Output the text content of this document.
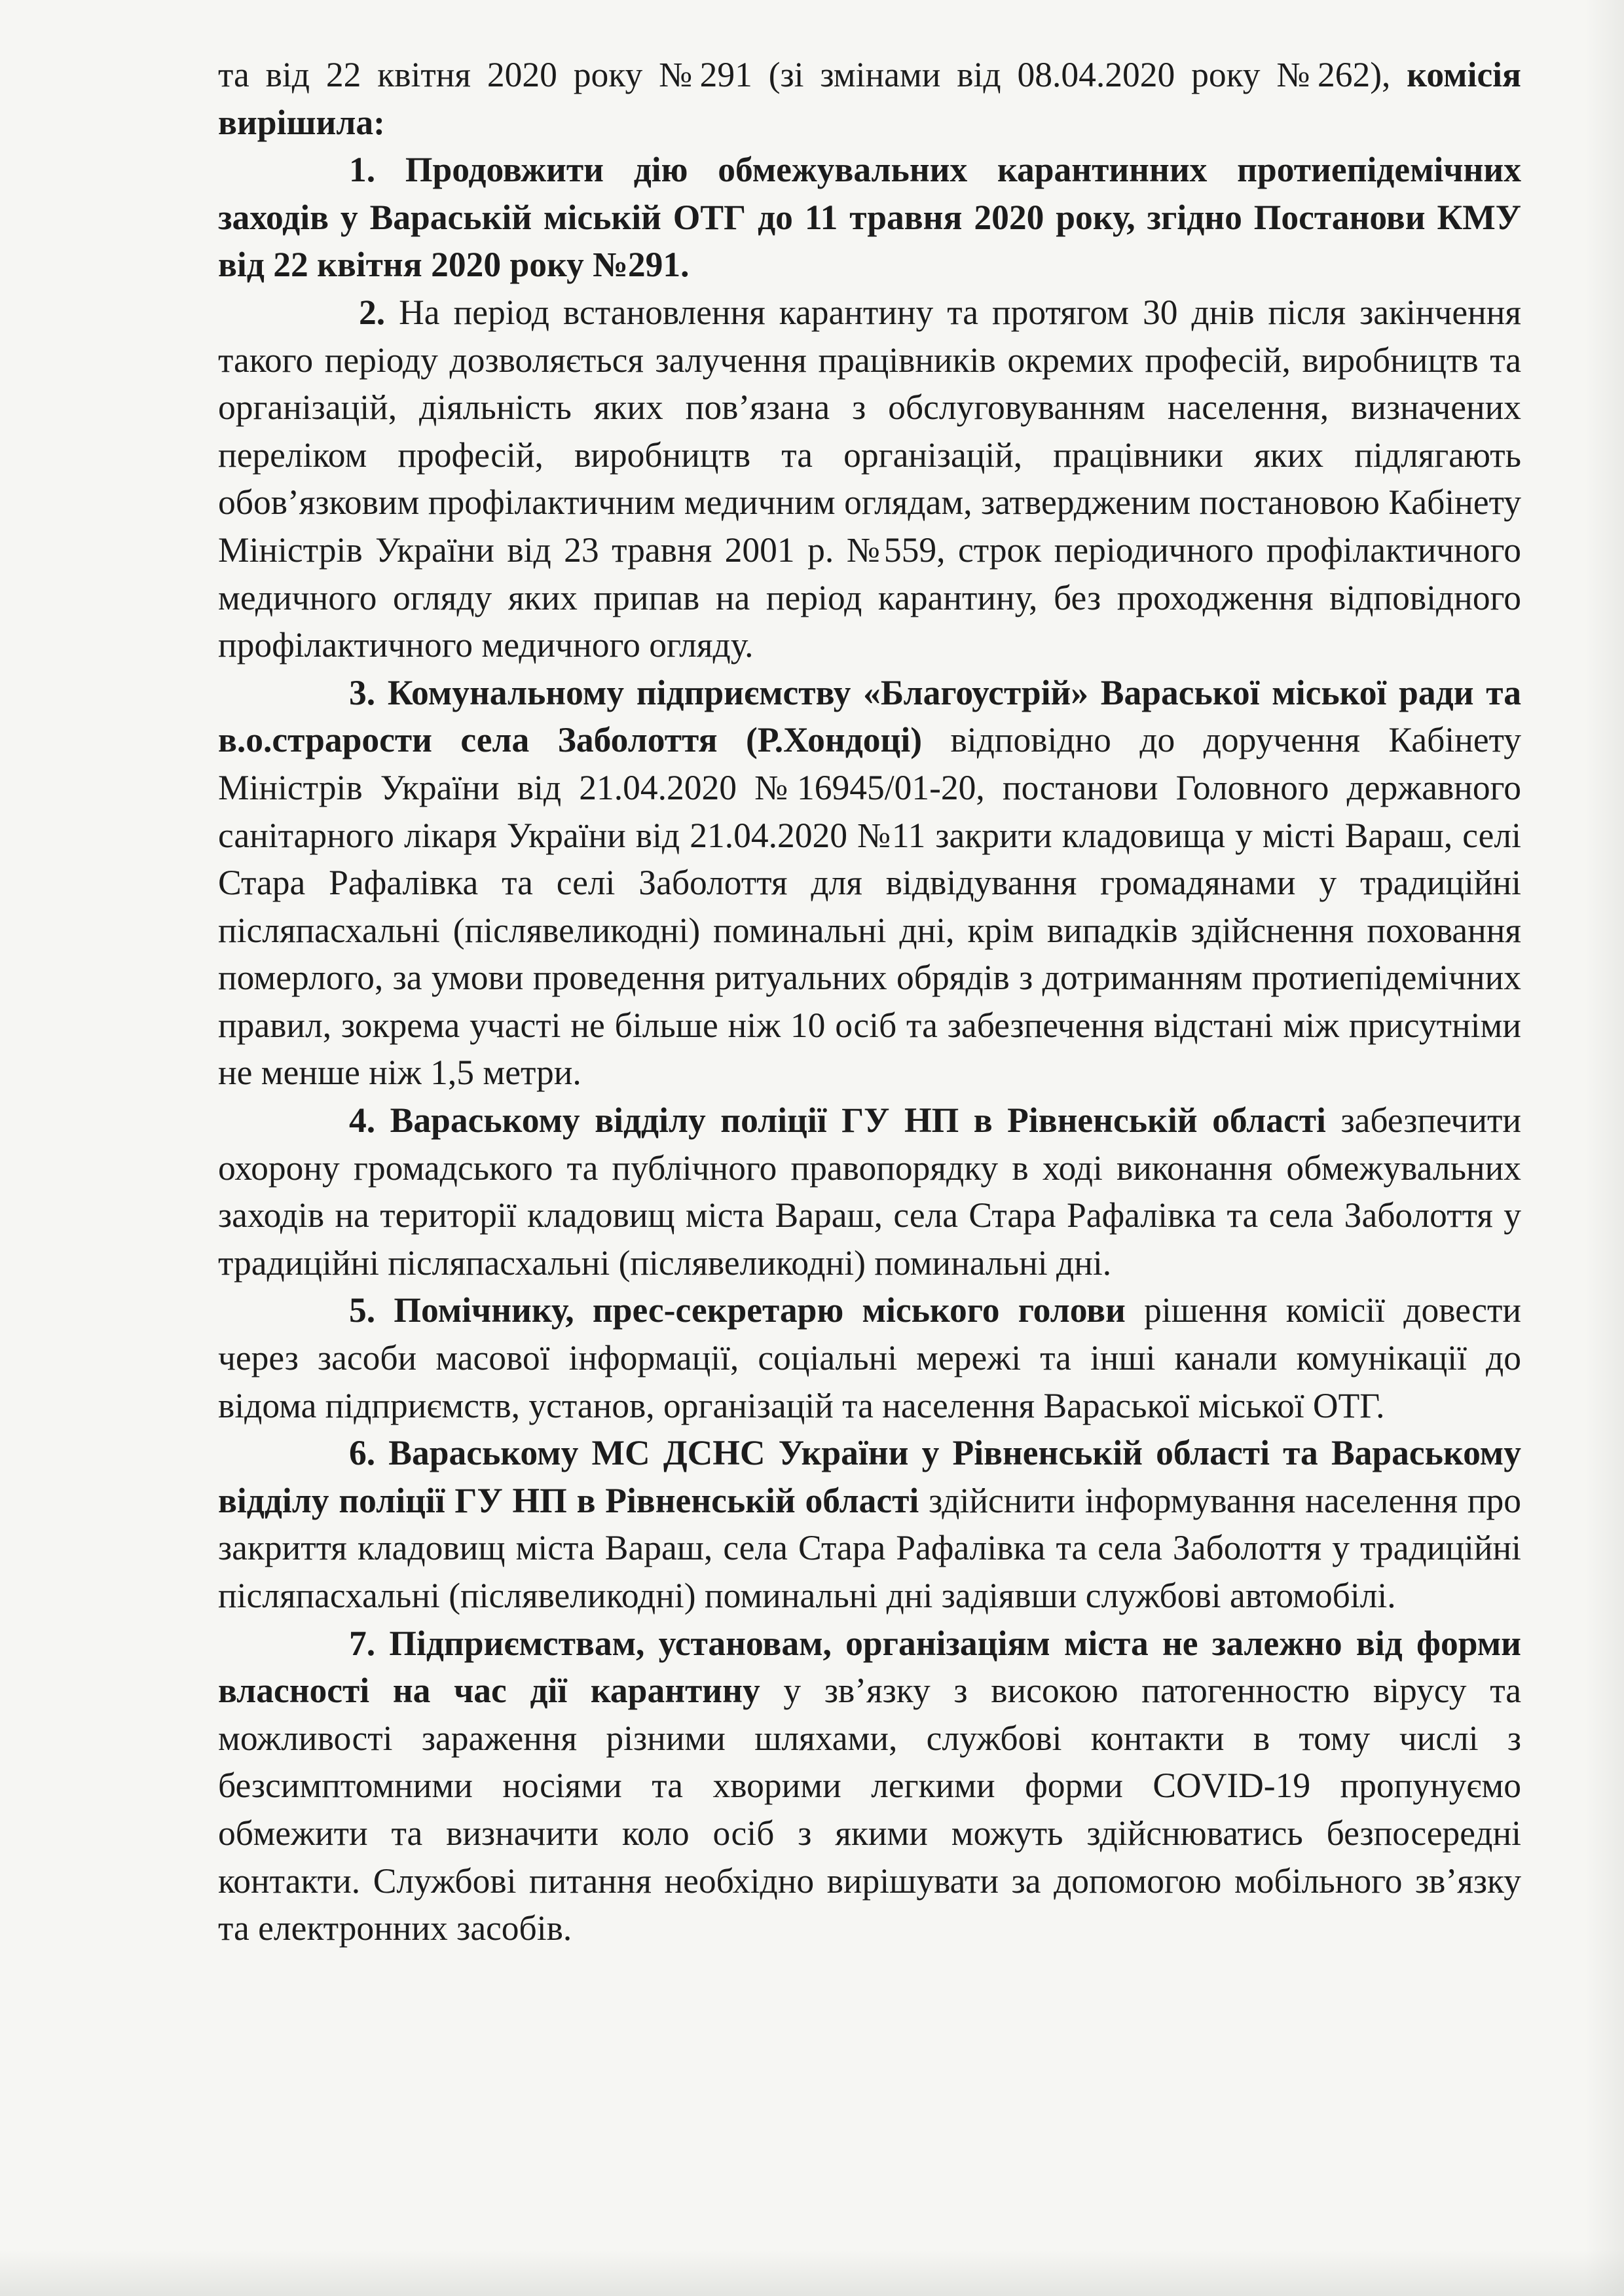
та від 22 квітня 2020 року №291 (зі змінами від 08.04.2020 року №262), комісія вирішила:

1. Продовжити дію обмежувальних карантинних протиепідемічних заходів у Вараській міській ОТГ до 11 травня 2020 року, згідно Постанови КМУ від 22 квітня 2020 року №291.

2. На період встановлення карантину та протягом 30 днів після закінчення такого періоду дозволяється залучення працівників окремих професій, виробництв та організацій, діяльність яких пов’язана з обслуговуванням населення, визначених переліком професій, виробництв та організацій, працівники яких підлягають обов’язковим профілактичним медичним оглядам, затвердженим постановою Кабінету Міністрів України від 23 травня 2001 р. №559, строк періодичного профілактичного медичного огляду яких припав на період карантину, без проходження відповідного профілактичного медичного огляду.

3. Комунальному підприємству «Благоустрій» Вараської міської ради та в.о.страрости села Заболоття (Р.Хондоці) відповідно до доручення Кабінету Міністрів України від 21.04.2020 №16945/01-20, постанови Головного державного санітарного лікаря України від 21.04.2020 №11 закрити кладовища у місті Вараш, селі Стара Рафалівка та селі Заболоття для відвідування громадянами у традиційні післяпасхальні (післявеликодні) поминальні дні, крім випадків здійснення поховання померлого, за умови проведення ритуальних обрядів з дотриманням протиепідемічних правил, зокрема участі не більше ніж 10 осіб та забезпечення відстані між присутніми не менше ніж 1,5 метри.

4. Вараському відділу поліції ГУ НП в Рівненській області забезпечити охорону громадського та публічного правопорядку в ході виконання обмежувальних заходів на території кладовищ міста Вараш, села Стара Рафалівка та села Заболоття у традиційні післяпасхальні (післявеликодні) поминальні дні.

5. Помічнику, прес-секретарю міського голови рішення комісії довести через засоби масової інформації, соціальні мережі та інші канали комунікації до відома підприємств, установ, організацій та населення Вараської міської ОТГ.

6. Вараському МС ДСНС України у Рівненській області та Вараському відділу поліції ГУ НП в Рівненській області здійснити інформування населення про закриття кладовищ міста Вараш, села Стара Рафалівка та села Заболоття у традиційні післяпасхальні (післявеликодні) поминальні дні задіявши службові автомобілі.

7. Підприємствам, установам, організаціям міста не залежно від форми власності на час дії карантину у зв’язку з високою патогенностю вірусу та можливості зараження різними шляхами, службові контакти в тому числі з безсимптомними носіями та хворими легкими форми COVID-19 пропунуємо обмежити та визначити коло осіб з якими можуть здійснюватись безпосередні контакти. Службові питання необхідно вирішувати за допомогою мобільного зв’язку та електронних засобів.
